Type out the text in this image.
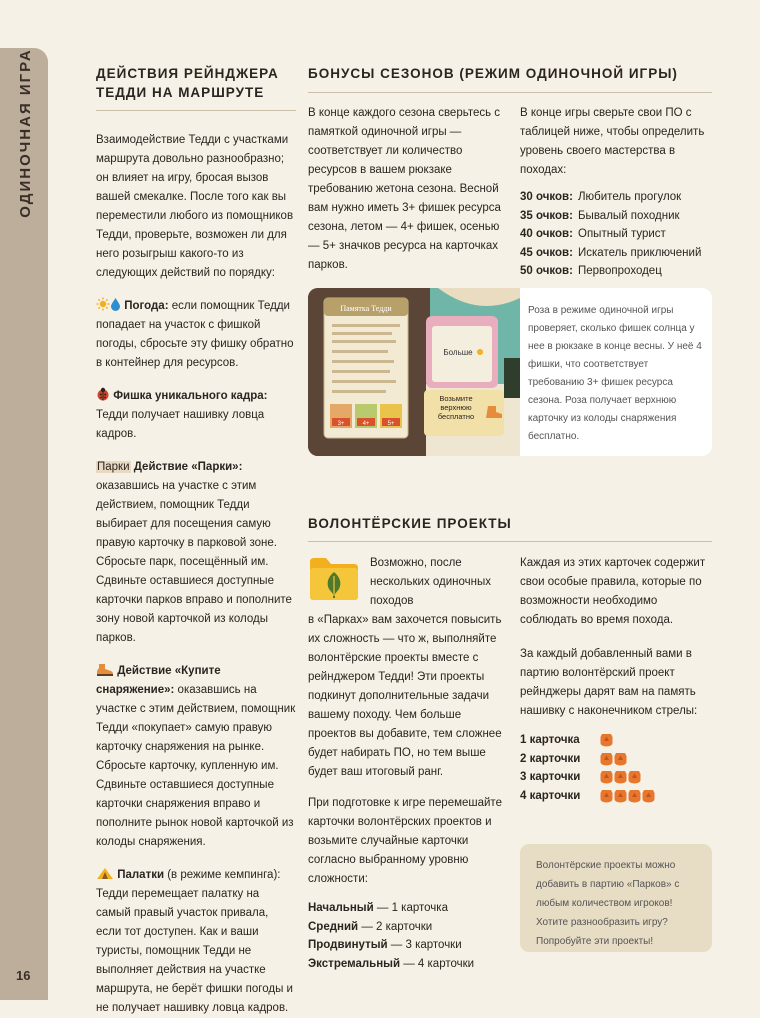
ОДИНОЧНАЯ ИГРА
16
ДЕЙСТВИЯ РЕЙНДЖЕРА ТЕДДИ НА МАРШРУТЕ

Взаимодействие Тедди с участками маршрута довольно разнообразно; он влияет на игру, бросая вызов вашей смекалке. После того как вы переместили любого из помощников Тедди, проверьте, возможен ли для него розыгрыш какого-то из следующих действий по порядку:

Погода: если помощник Тедди попадает на участок с фишкой погоды, сбросьте эту фишку обратно в контейнер для ресурсов.

Фишка уникального кадра: Тедди получает нашивку ловца кадров.

Парки Действие «Парки»: оказавшись на участке с этим действием, помощник Тедди выбирает для посещения самую правую карточку в парковой зоне. Сбросьте парк, посещённый им. Сдвиньте оставшиеся доступные карточки парков вправо и пополните зону новой карточкой из колоды парков.

Действие «Купите снаряжение»: оказавшись на участке с этим действием, помощник Тедди «покупает» самую правую карточку снаряжения на рынке. Сбросьте карточку, купленную им. Сдвиньте оставшиеся доступные карточки снаряжения вправо и пополните рынок новой карточкой из колоды снаряжения.

Палатки (в режиме кемпинга): Тедди перемещает палатку на самый правый участок привала, если тот доступен. Как и ваши туристы, помощник Тедди не выполняет действия на участке маршрута, не берёт фишки погоды и не получает нашивку ловца кадров.

БОНУСЫ СЕЗОНОВ (РЕЖИМ ОДИНОЧНОЙ ИГРЫ)

В конце каждого сезона сверьтесь с памяткой одиночной игры — соответствует ли количество ресурсов в вашем рюкзаке требованию жетона сезона. Весной вам нужно иметь 3+ фишек ресурса сезона, летом — 4+ фишек, осенью — 5+ значков ресурса на карточках парков.

В конце игры сверьте свои ПО с таблицей ниже, чтобы определить уровень своего мастерства в походах:

30 очков: Любитель прогулок
35 очков: Бывалый походник
40 очков: Опытный турист
45 очков: Искатель приключений
50 очков: Первопроходец
Памятка Тедди
3+	4+	5+
Больше
Возьмите верхнюю бесплатно

Роза в режиме одиночной игры проверяет, сколько фишек солнца у нее в рюкзаке в конце весны. У неё 4 фишки, что соответствует требованию 3+ фишек ресурса сезона. Роза получает верхнюю карточку из колоды снаряжения бесплатно.

ВОЛОНТЁРСКИЕ ПРОЕКТЫ

Возможно, после нескольких одиночных походов

в «Парках» вам захочется повысить их сложность — что ж, выполняйте волонтёрские проекты вместе с рейнджером Тедди! Эти проекты подкинут дополнительные задачи вашему походу. Чем больше проектов вы добавите, тем сложнее будет набирать ПО, но тем выше будет ваш итоговый ранг.

При подготовке к игре перемешайте карточки волонтёрских проектов и возьмите случайные карточки согласно выбранному уровню сложности:

Начальный — 1 карточка
Средний — 2 карточки
Продвинутый — 3 карточки
Экстремальный — 4 карточки

Каждая из этих карточек содержит свои особые правила, которые по возможности необходимо соблюдать во время похода.

За каждый добавленный вами в партию волонтёрский проект рейнджеры дарят вам на память нашивку с наконечником стрелы:

1 карточка
2 карточки
3 карточки
4 карточки

Волонтёрские проекты можно добавить в партию «Парков» с любым количеством игроков! Хотите разнообразить игру? Попробуйте эти проекты!
